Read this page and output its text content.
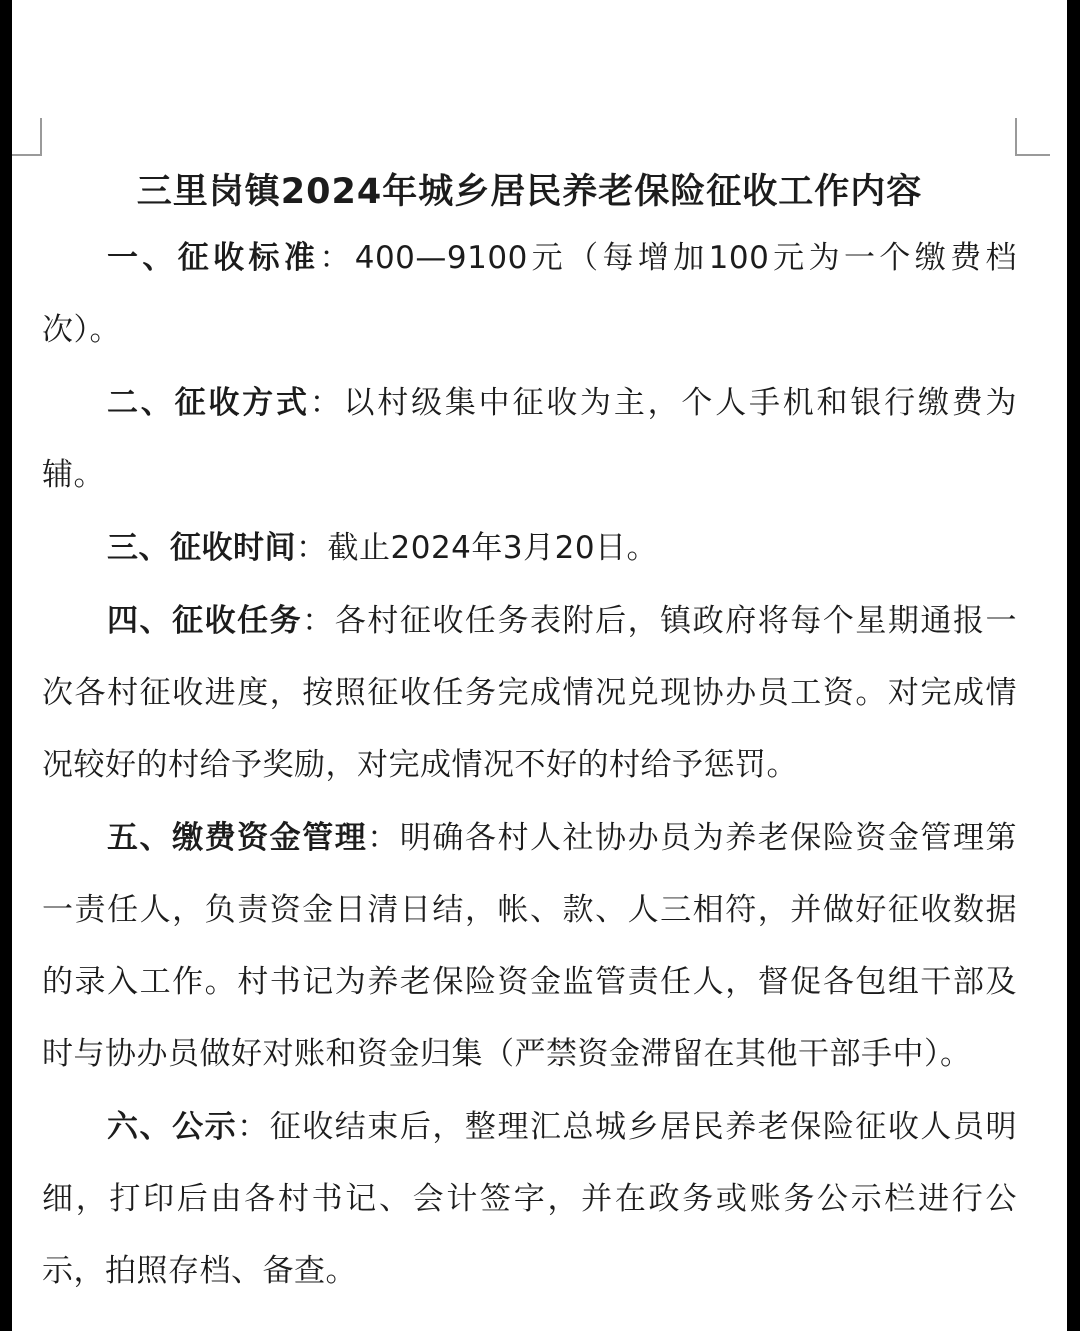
三里岗镇2024年城乡居民养老保险征收工作内容

一、征收标准：400—9100元（每增加100元为一个缴费档次）。

二、征收方式：以村级集中征收为主，个人手机和银行缴费为辅。

三、征收时间：截止2024年3月20日。

四、征收任务：各村征收任务表附后，镇政府将每个星期通报一次各村征收进度，按照征收任务完成情况兑现协办员工资。对完成情况较好的村给予奖励，对完成情况不好的村给予惩罚。

五、缴费资金管理：明确各村人社协办员为养老保险资金管理第一责任人，负责资金日清日结，帐、款、人三相符，并做好征收数据的录入工作。村书记为养老保险资金监管责任人，督促各包组干部及时与协办员做好对账和资金归集（严禁资金滞留在其他干部手中）。

六、公示：征收结束后，整理汇总城乡居民养老保险征收人员明细，打印后由各村书记、会计签字，并在政务或账务公示栏进行公示，拍照存档、备查。
